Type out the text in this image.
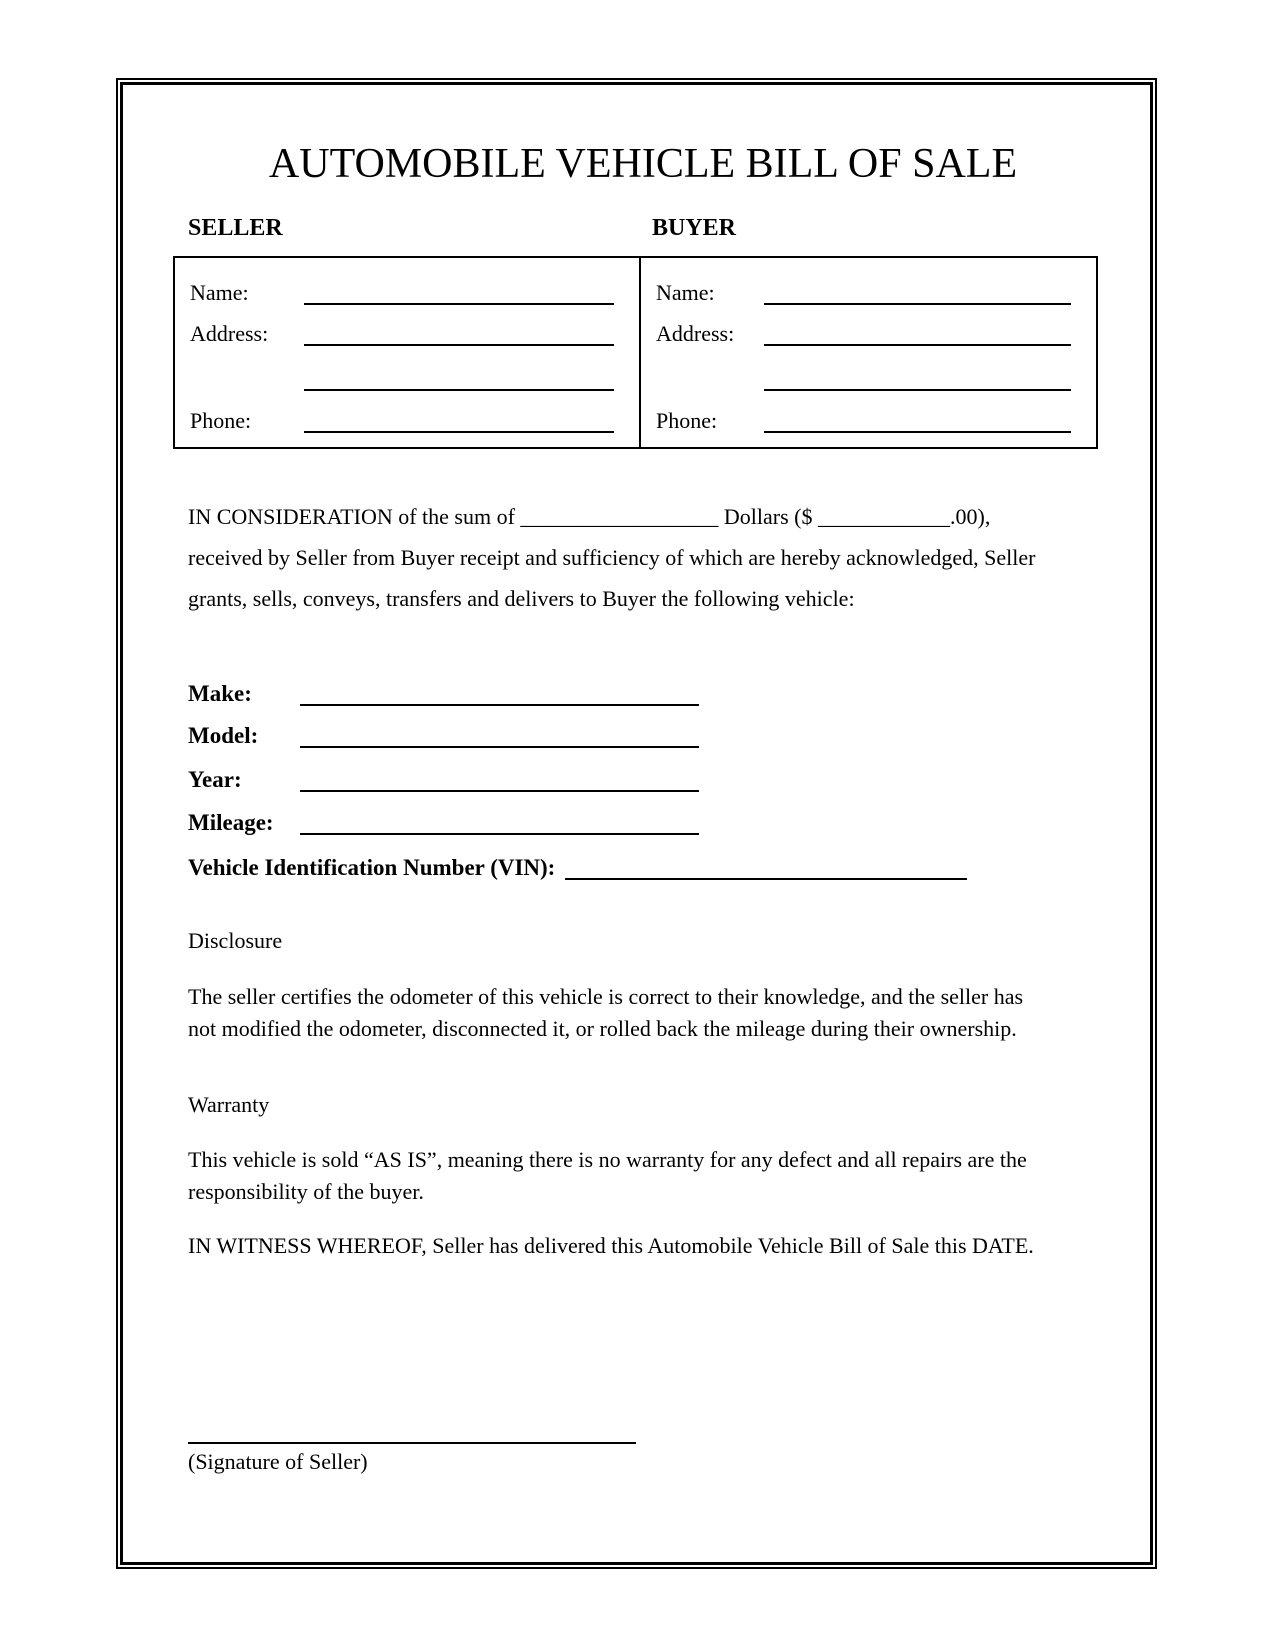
AUTOMOBILE VEHICLE BILL OF SALE
SELLER	BUYER
Name:
Address:
Phone:
Name:
Address:
Phone:
IN CONSIDERATION of the sum of __________________ Dollars ($ ____________.00), received by Seller from Buyer receipt and sufficiency of which are hereby acknowledged, Seller grants, sells, conveys, transfers and delivers to Buyer the following vehicle:
Make:
Model:
Year:
Mileage:
Vehicle Identification Number (VIN):
Disclosure
The seller certifies the odometer of this vehicle is correct to their knowledge, and the seller has not modified the odometer, disconnected it, or rolled back the mileage during their ownership.
Warranty
This vehicle is sold “AS IS”, meaning there is no warranty for any defect and all repairs are the responsibility of the buyer.
IN WITNESS WHEREOF, Seller has delivered this Automobile Vehicle Bill of Sale this DATE.
(Signature of Seller)
